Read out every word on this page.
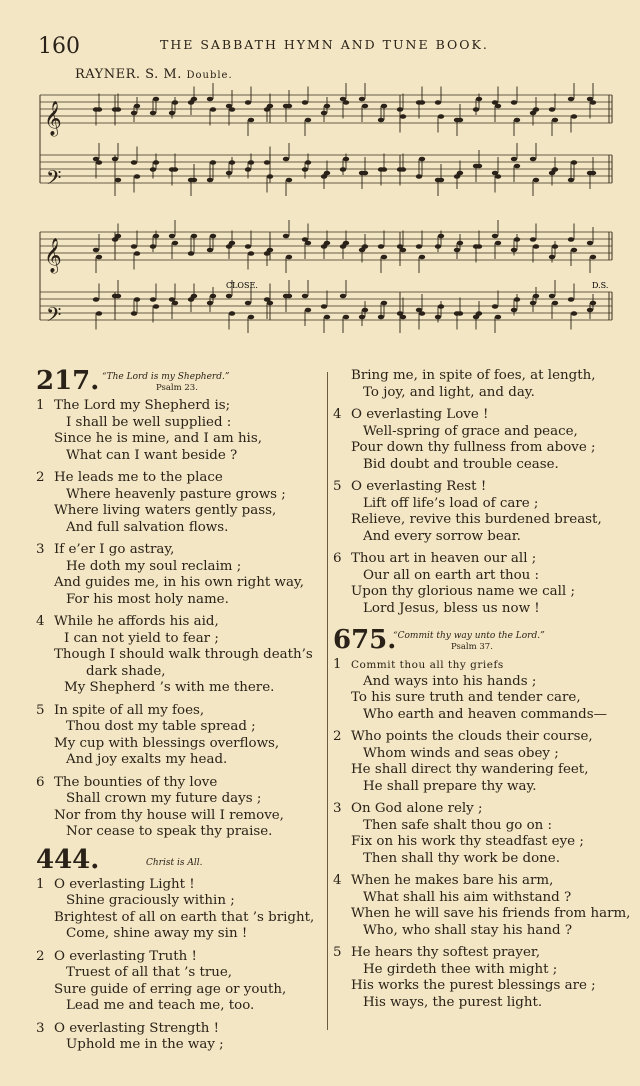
160	THE SABBATH HYMN AND TUNE BOOK.
RAYNER. S. M. Double.
CLOSE.	D.S.
𝄞
𝄢
𝄞
𝄢
217. “The Lord is my Shepherd.”
Psalm 23.
1 The Lord my Shepherd is;
I shall be well supplied :
Since he is mine, and I am his,
What can I want beside ?
2 He leads me to the place
Where heavenly pasture grows ;
Where living waters gently pass,
And full salvation flows.
3 If e’er I go astray,
He doth my soul reclaim ;
And guides me, in his own right way,
For his most holy name.
4 While he affords his aid,
I can not yield to fear ;
Though I should walk through death’s
dark shade,
My Shepherd ’s with me there.
5 In spite of all my foes,
Thou dost my table spread ;
My cup with blessings overflows,
And joy exalts my head.
6 The bounties of thy love
Shall crown my future days ;
Nor from thy house will I remove,
Nor cease to speak thy praise.
444.	Christ is All.
1 O everlasting Light !
Shine graciously within ;
Brightest of all on earth that ’s bright,
Come, shine away my sin !
2 O everlasting Truth !
Truest of all that ’s true,
Sure guide of erring age or youth,
Lead me and teach me, too.
3 O everlasting Strength !
Uphold me in the way ;
Bring me, in spite of foes, at length,
To joy, and light, and day.
4 O everlasting Love !
Well-spring of grace and peace,
Pour down thy fullness from above ;
Bid doubt and trouble cease.
5 O everlasting Rest !
Lift off life’s load of care ;
Relieve, revive this burdened breast,
And every sorrow bear.
6 Thou art in heaven our all ;
Our all on earth art thou :
Upon thy glorious name we call ;
Lord Jesus, bless us now !
675.
“Commit thy way unto the Lord.”
Psalm 37.
1 Commit thou all thy griefs
And ways into his hands ;
To his sure truth and tender care,
Who earth and heaven commands—
2 Who points the clouds their course,
Whom winds and seas obey ;
He shall direct thy wandering feet,
He shall prepare thy way.
3 On God alone rely ;
Then safe shalt thou go on :
Fix on his work thy steadfast eye ;
Then shall thy work be done.
4 When he makes bare his arm,
What shall his aim withstand ?
When he will save his friends from harm,
Who, who shall stay his hand ?
5 He hears thy softest prayer,
He girdeth thee with might ;
His works the purest blessings are ;
His ways, the purest light.
